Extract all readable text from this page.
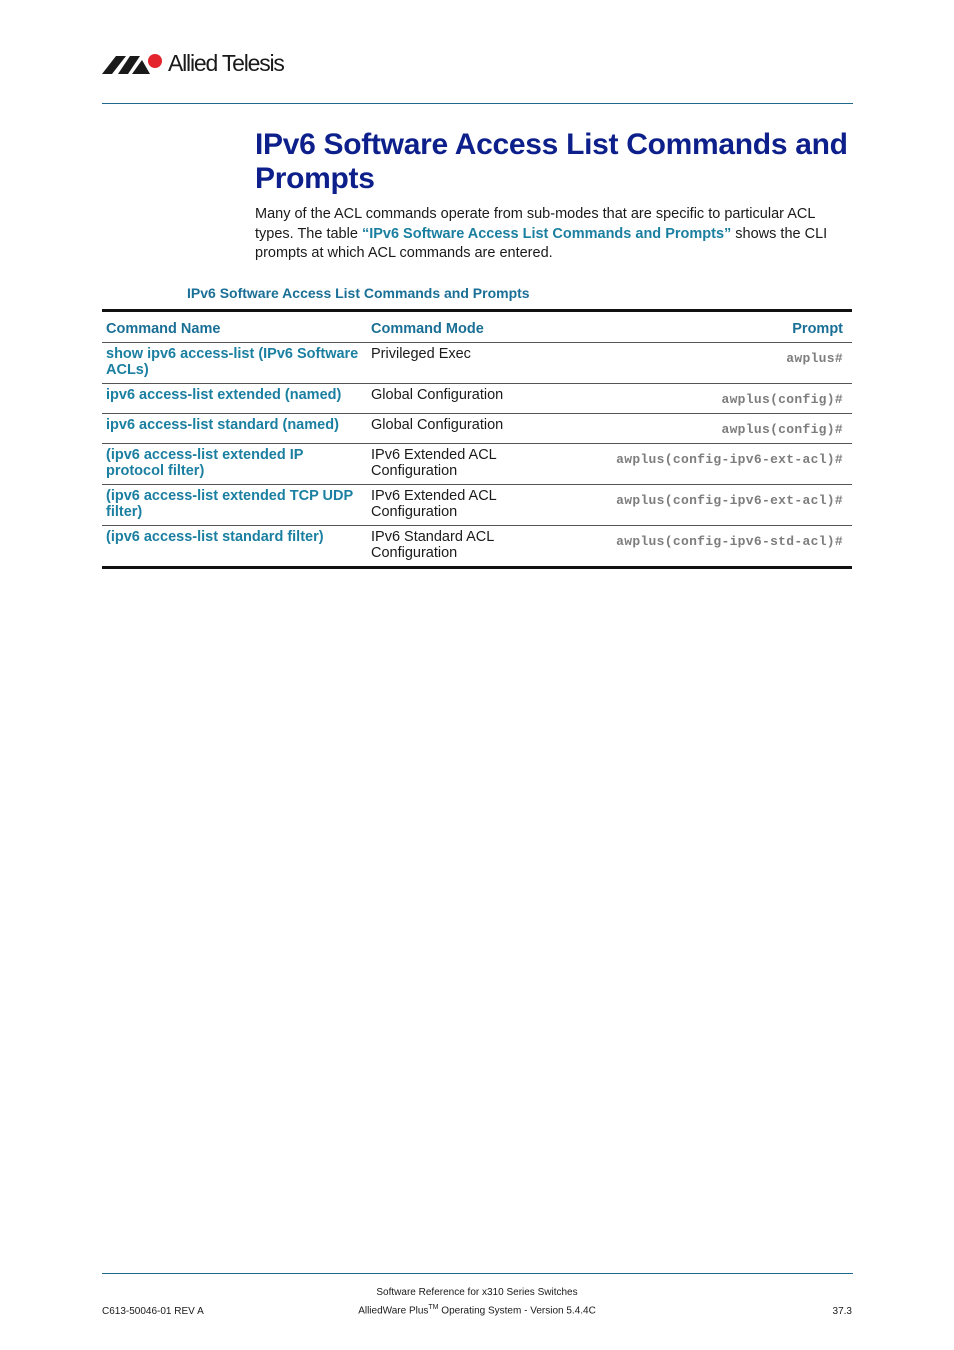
Allied Telesis
IPv6 Software Access List Commands and Prompts

Many of the ACL commands operate from sub-modes that are specific to particular ACL types. The table “IPv6 Software Access List Commands and Prompts” shows the CLI prompts at which ACL commands are entered.

IPv6 Software Access List Commands and Prompts

Command Name	Command Mode	Prompt
show ipv6 access-list (IPv6 Software ACLs)	Privileged Exec	awplus#
ipv6 access-list extended (named)	Global Configuration	awplus(config)#
ipv6 access-list standard (named)	Global Configuration	awplus(config)#
(ipv6 access-list extended IP protocol filter)	IPv6 Extended ACL Configuration	awplus(config-ipv6-ext-acl)#
(ipv6 access-list extended TCP UDP filter)	IPv6 Extended ACL Configuration	awplus(config-ipv6-ext-acl)#
(ipv6 access-list standard filter)	IPv6 Standard ACL Configuration	awplus(config-ipv6-std-acl)#

Software Reference for x310 Series Switches

AlliedWare Plus™ Operating System - Version 5.4.4C

C613-50046-01 REV A	37.3
